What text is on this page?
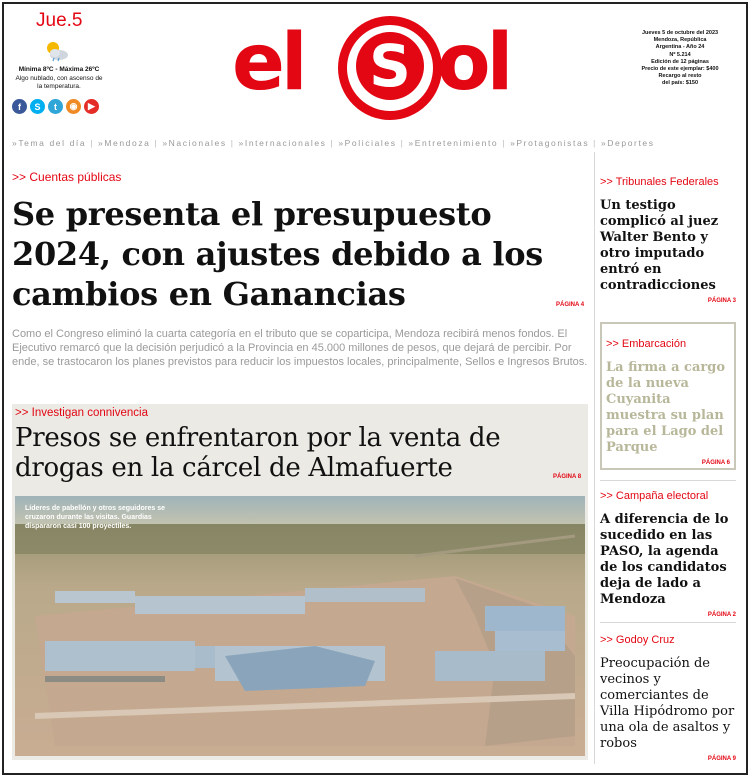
Jue.5
Mínima 8ºC - Máxima 26ºC
Algo nublado, con ascenso de la temperatura.
f	S	t	◉	▶ el S ol	Jueves 5 de octubre del 2023
Mendoza, República
Argentina - Año 24
Nº 5.214
Edición de 12 páginas
Precio de este ejemplar: $400
Recargo al resto
del país: $150
»Tema del día | »Mendoza | »Nacionales | »Internacionales | »Policiales | »Entretenimiento | »Protagonistas | »Deportes
>> Cuentas públicas
Se presenta el presupuesto 2024, con ajustes debido a los cambios en Ganancias	PÁGINA 4
Como el Congreso eliminó la cuarta categoría en el tributo que se coparticipa, Mendoza recibirá menos fondos. El Ejecutivo remarcó que la decisión perjudicó a la Provincia en 45.000 millones de pesos, que dejará de percibir. Por ende, se trastocaron los planes previstos para reducir los impuestos locales, principalmente, Sellos e Ingresos Brutos.
>> Investigan connivencia
Presos se enfrentaron por la venta de drogas en la cárcel de Almafuerte	PÁGINA 8
Líderes de pabellón y otros seguidores se cruzaron durante las visitas. Guardias dispararon casi 100 proyectiles.
>> Tribunales Federales
Un testigo complicó al juez Walter Bento y otro imputado entró en contradicciones
PÁGINA 3
>> Embarcación
La firma a cargo de la nueva Cuyanita muestra su plan para el Lago del Parque
PÁGINA 6
>> Campaña electoral
A diferencia de lo sucedido en las PASO, la agenda de los candidatos deja de lado a Mendoza
PÁGINA 2
>> Godoy Cruz
Preocupación de vecinos y comerciantes de Villa Hipódromo por una ola de asaltos y robos
PÁGINA 9
